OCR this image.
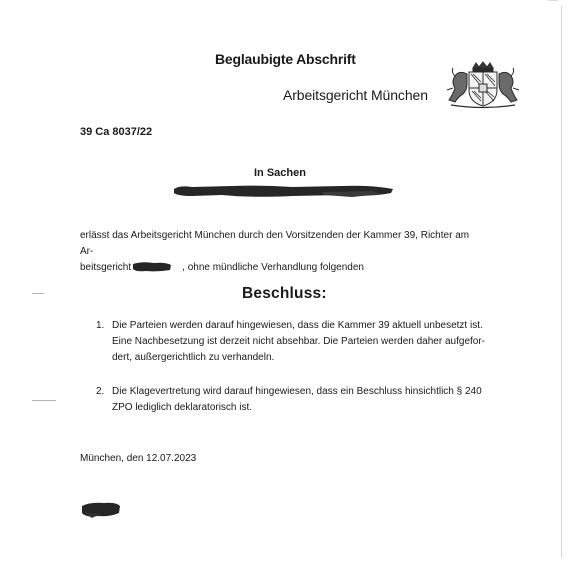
Beglaubigte Abschrift
Arbeitsgericht München
39 Ca 8037/22
In Sachen
erlässt das Arbeitsgericht München durch den Vorsitzenden der Kammer 39, Richter am Ar-
beitsgericht	, ohne mündliche Verhandlung folgenden
Beschluss:
1. Die Parteien werden darauf hingewiesen, dass die Kammer 39 aktuell unbesetzt ist.
Eine Nachbesetzung ist derzeit nicht absehbar. Die Parteien werden daher aufgefor-
dert, außergerichtlich zu verhandeln.
2. Die Klagevertretung wird darauf hingewiesen, dass ein Beschluss hinsichtlich § 240
ZPO lediglich deklaratorisch ist.
München, den 12.07.2023
